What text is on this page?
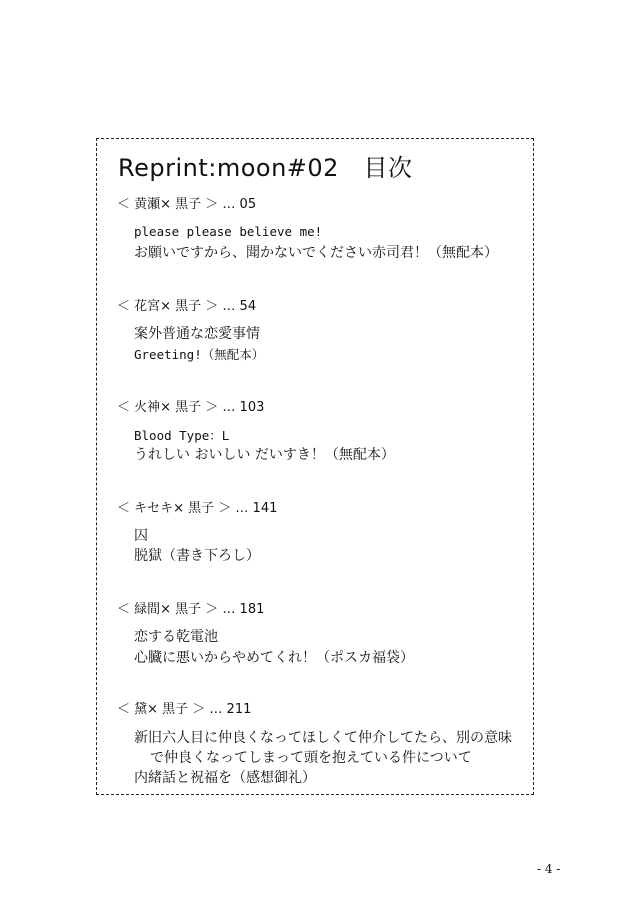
Reprint:moon#02　目次
＜ 黄瀬× 黒子 ＞ … 05
please please believe me!
お願いですから、聞かないでください赤司君！（無配本）
＜ 花宮× 黒子 ＞ … 54
案外普通な恋愛事情
Greeting!（無配本）
＜ 火神× 黒子 ＞ … 103
Blood Type：L
うれしい おいしい だいすき！（無配本）
＜ キセキ× 黒子 ＞ … 141
囚
脱獄（書き下ろし）
＜ 緑間× 黒子 ＞ … 181
恋する乾電池
心臓に悪いからやめてくれ！（ポスカ福袋）
＜ 黛× 黒子 ＞ … 211
新旧六人目に仲良くなってほしくて仲介してたら、別の意味
で仲良くなってしまって頭を抱えている件について
内緒話と祝福を（感想御礼）
- 4 -
